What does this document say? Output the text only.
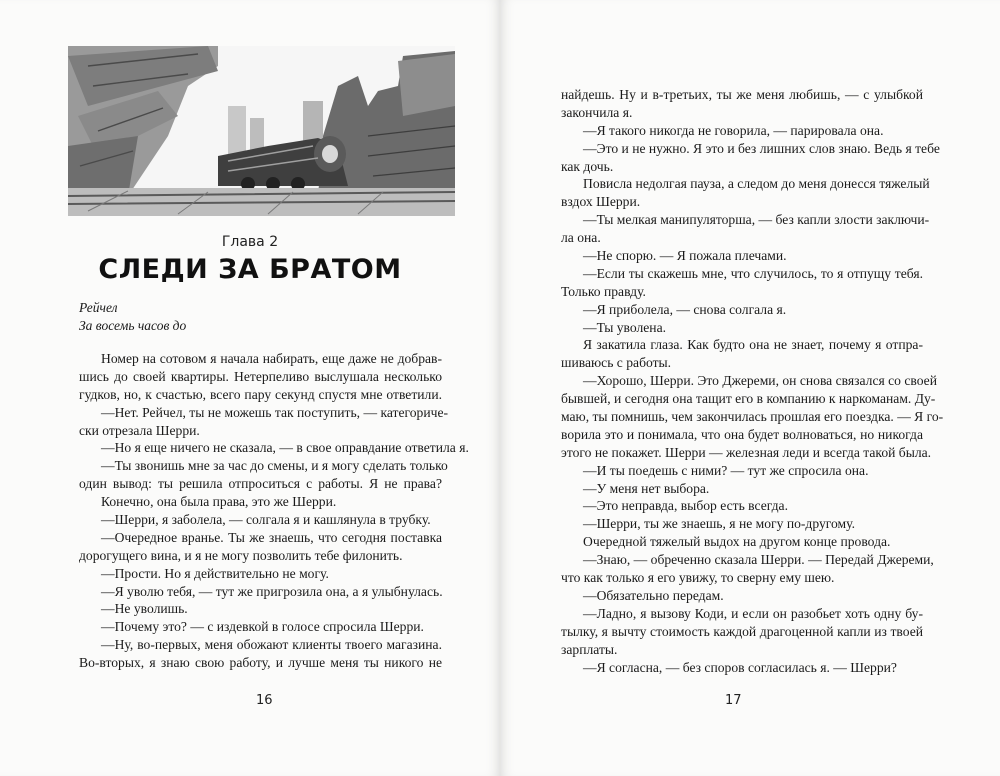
Глава 2
СЛЕДИ ЗА БРАТОМ
Рейчел
За восемь часов до
Номер на сотовом я начала набирать, еще даже не добрав-
шись до своей квартиры. Нетерпеливо выслушала несколько
гудков, но, к счастью, всего пару секунд спустя мне ответили.
—Нет. Рейчел, ты не можешь так поступить, — категориче-
ски отрезала Шерри.
—Но я еще ничего не сказала, — в свое оправдание ответила я.
—Ты звонишь мне за час до смены, и я могу сделать только
один вывод: ты решила отпроситься с работы. Я не права?
Конечно, она была права, это же Шерри.
—Шерри, я заболела, — солгала я и кашлянула в трубку.
—Очередное вранье. Ты же знаешь, что сегодня поставка
дорогущего вина, и я не могу позволить тебе филонить.
—Прости. Но я действительно не могу.
—Я уволю тебя, — тут же пригрозила она, а я улыбнулась.
—Не уволишь.
—Почему это? — с издевкой в голосе спросила Шерри.
—Ну, во-первых, меня обожают клиенты твоего магазина.
Во-вторых, я знаю свою работу, и лучше меня ты никого не
16
найдешь. Ну и в-третьих, ты же меня любишь, — с улыбкой
закончила я.
—Я такого никогда не говорила, — парировала она.
—Это и не нужно. Я это и без лишних слов знаю. Ведь я тебе
как дочь.
Повисла недолгая пауза, а следом до меня донесся тяжелый
вздох Шерри.
—Ты мелкая манипуляторша, — без капли злости заключи-
ла она.
—Не спорю. — Я пожала плечами.
—Если ты скажешь мне, что случилось, то я отпущу тебя.
Только правду.
—Я приболела, — снова солгала я.
—Ты уволена.
Я закатила глаза. Как будто она не знает, почему я отпра-
шиваюсь с работы.
—Хорошо, Шерри. Это Джереми, он снова связался со своей
бывшей, и сегодня она тащит его в компанию к наркоманам. Ду-
маю, ты помнишь, чем закончилась прошлая его поездка. — Я го-
ворила это и понимала, что она будет волноваться, но никогда
этого не покажет. Шерри — железная леди и всегда такой была.
—И ты поедешь с ними? — тут же спросила она.
—У меня нет выбора.
—Это неправда, выбор есть всегда.
—Шерри, ты же знаешь, я не могу по-другому.
Очередной тяжелый выдох на другом конце провода.
—Знаю, — обреченно сказала Шерри. — Передай Джереми,
что как только я его увижу, то сверну ему шею.
—Обязательно передам.
—Ладно, я вызову Коди, и если он разобьет хоть одну бу-
тылку, я вычту стоимость каждой драгоценной капли из твоей
зарплаты.
—Я согласна, — без споров согласилась я. — Шерри?
17
